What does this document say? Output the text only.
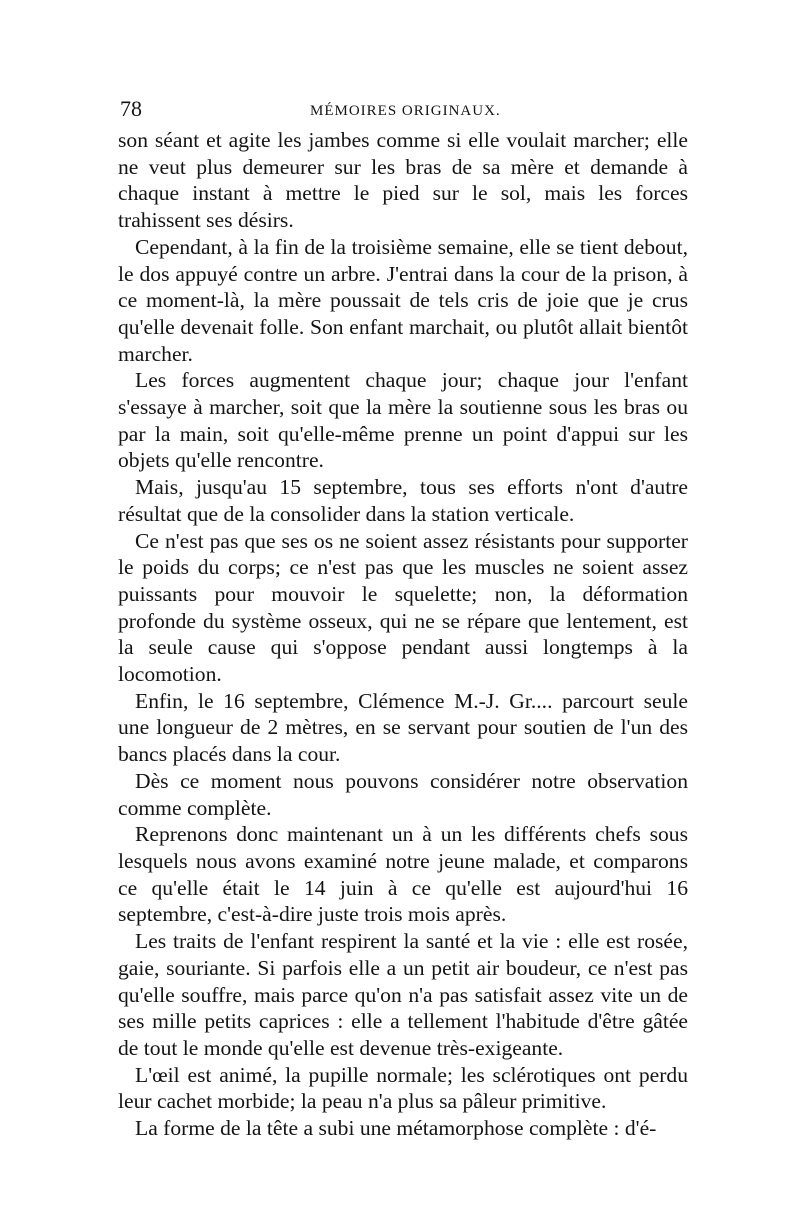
78	MÉMOIRES ORIGINAUX.

son séant et agite les jambes comme si elle voulait marcher; elle ne veut plus demeurer sur les bras de sa mère et demande à chaque instant à mettre le pied sur le sol, mais les forces trahissent ses désirs.

Cependant, à la fin de la troisième semaine, elle se tient debout, le dos appuyé contre un arbre. J'entrai dans la cour de la prison, à ce moment-là, la mère poussait de tels cris de joie que je crus qu'elle devenait folle. Son enfant marchait, ou plutôt allait bientôt marcher.

Les forces augmentent chaque jour; chaque jour l'enfant s'essaye à marcher, soit que la mère la soutienne sous les bras ou par la main, soit qu'elle-même prenne un point d'appui sur les objets qu'elle rencontre.

Mais, jusqu'au 15 septembre, tous ses efforts n'ont d'autre résultat que de la consolider dans la station verticale.

Ce n'est pas que ses os ne soient assez résistants pour supporter le poids du corps; ce n'est pas que les muscles ne soient assez puissants pour mouvoir le squelette; non, la déformation profonde du système osseux, qui ne se répare que lentement, est la seule cause qui s'oppose pendant aussi longtemps à la locomotion.

Enfin, le 16 septembre, Clémence M.-J. Gr.... parcourt seule une longueur de 2 mètres, en se servant pour soutien de l'un des bancs placés dans la cour.

Dès ce moment nous pouvons considérer notre observation comme complète.

Reprenons donc maintenant un à un les différents chefs sous lesquels nous avons examiné notre jeune malade, et comparons ce qu'elle était le 14 juin à ce qu'elle est aujourd'hui 16 septembre, c'est-à-dire juste trois mois après.

Les traits de l'enfant respirent la santé et la vie : elle est rosée, gaie, souriante. Si parfois elle a un petit air boudeur, ce n'est pas qu'elle souffre, mais parce qu'on n'a pas satisfait assez vite un de ses mille petits caprices : elle a tellement l'habitude d'être gâtée de tout le monde qu'elle est devenue très-exigeante.

L'œil est animé, la pupille normale; les sclérotiques ont perdu leur cachet morbide; la peau n'a plus sa pâleur primitive.

La forme de la tête a subi une métamorphose complète : d'é-
